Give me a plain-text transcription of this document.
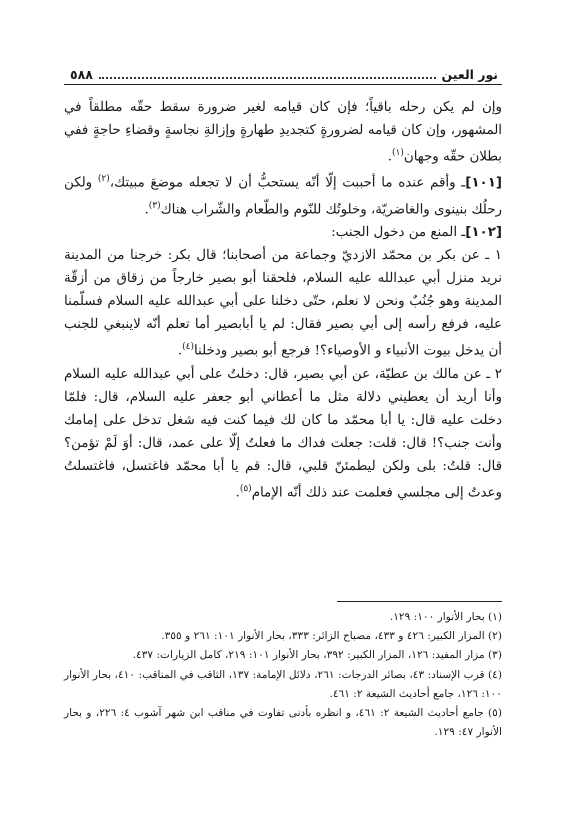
نور العين
٥٨٨

وإن لم يكن رحله باقياً؛ فإن كان قيامه لغير ضرورة سقط حقّه مطلقاً في المشهور، وإن كان قيامه لضرورةٍ كتجديدِ طهارةٍ وإزالةِ نجاسةٍ وقضاءِ حاجةٍ ففي بطلان حقّه وجهان$^{(١)}$.

[١٠١]ـ وأقم عنده ما أحببت إلّا أنّه يستحبُّ أن لا تجعله موضعَ مبيتك،$^{(٢)}$ ولكن رحلُك بنينوى والغاضريّة، وخلوتُك للنّوم والطّعام والشّراب هناك$^{(٣)}$.

[١٠٢]ـ المنع من دخول الجنب:

١ ـ عن بكر بن محمّد الازديّ وجماعة من أصحابنا؛ قال بكر: خرجنا من المدينة نريد منزل أبي عبدالله عليه السلام، فلحقنا أبو بصير خارجاً من زقاق من أزقّة المدينة وهو جُنُبٌ ونحن لا نعلم، حتّى دخلنا على أبي عبدالله عليه السلام فسلّمنا عليه، فرفع رأسه إلى أبي بصير فقال: لم يا أبابصير أما تعلم أنّه لاينبغي للجنب أن يدخل بيوت الأنبياء و الأوصياء؟! فرجع أبو بصير ودخلنا$^{(٤)}$.

٢ ـ عن مالك بن عطيّة، عن أبي بصير، قال: دخلتُ على أبي عبدالله عليه السلام وأنا أريد أن يعطيني دلالة مثل ما أعطاني أبو جعفر عليه السلام، قال: فلمّا دخلت عليه قال: يا أبا محمّد ما كان لك فيما كنت فيه شغل تدخل على إمامك وأنت جنب؟! قال: قلت: جعلت فداك ما فعلتُ إلّا على عمد، قال: أوَ لَمْ تؤمن؟ قال: قلتُ: بلى ولكن ليطمئنّ قلبي، قال: قم يا أبا محمّد فاغتسل، فاغتسلتُ وعدتُ إلى مجلسي فعلمت عند ذلك أنّه الإمام$^{(٥)}$.

(١) بحار الأنوار ١٠٠: ١٢٩.

(٢) المزار الكبير: ٤٢٦ و ٤٣٣، مصباح الزائر: ٣٣٣، بحار الأنوار ١٠١: ٢٦١ و ٣٥٥.

(٣) مزار المفيد: ١٢٦، المزار الكبير: ٣٩٢، بحار الأنوار ١٠١: ٢١٩، كامل الزيارات: ٤٣٧.

(٤) قرب الإسناد: ٤٣، بصائر الدرجات: ٢٦١، دلائل الإمامة: ١٣٧، الثاقب في المناقب: ٤١٠، بحار الأنوار ١٠٠: ١٢٦، جامع أحاديث الشيعة ٢: ٤٦١.

(٥) جامع أحاديث الشيعة ٢: ٤٦١، و انظره بأدنى تفاوت في مناقب ابن شهر آشوب ٤: ٢٢٦، و بحار الأنوار ٤٧: ١٢٩.
